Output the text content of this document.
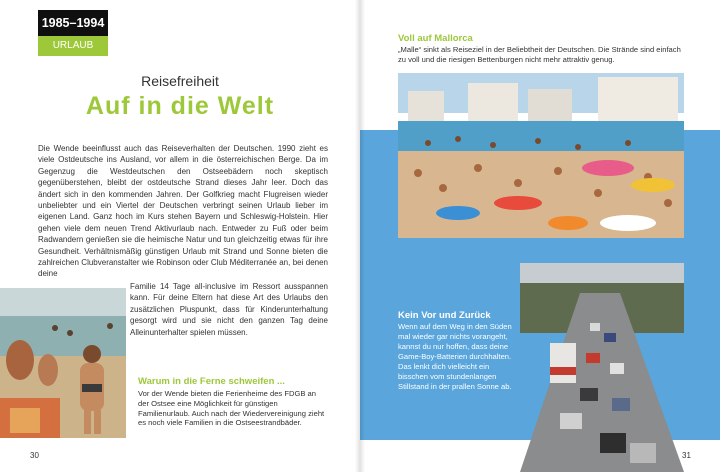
1985–1994
URLAUB
Reisefreiheit
Auf in die Welt

Die Wende beeinflusst auch das Reiseverhalten der Deutschen. 1990 zieht es viele Ostdeutsche ins Ausland, vor allem in die österreichischen Berge. Da im Gegenzug die Westdeutschen den Ostseebädern noch skeptisch gegenüberstehen, bleibt der ostdeutsche Strand dieses Jahr leer. Doch das ändert sich in den kommenden Jahren. Der Golfkrieg macht Flugreisen wieder unbeliebter und ein Viertel der Deutschen verbringt seinen Urlaub lieber im eigenen Land. Ganz hoch im Kurs stehen Bayern und Schleswig-Holstein. Hier gehen viele dem neuen Trend Aktivurlaub nach. Entweder zu Fuß oder beim Radwandern genießen sie die heimische Natur und tun gleichzeitig etwas für ihre Gesundheit. Verhältnismäßig günstigen Urlaub mit Strand und Sonne bieten die zahlreichen Clubveranstalter wie Robinson oder Club Méditerranée an, bei denen deine

Familie 14 Tage all-inclusive im Ressort ausspannen kann. Für deine Eltern hat diese Art des Urlaubs den zusätzlichen Pluspunkt, dass für Kinderunterhaltung gesorgt wird und sie nicht den ganzen Tag deine Alleinunterhalter spielen müssen.

Warum in die Ferne schweifen ...

Vor der Wende bieten die Ferienheime des FDGB an der Ostsee eine Möglichkeit für günstigen Familienurlaub. Auch nach der Wiedervereinigung zieht es noch viele Familien in die Ostseestrandbäder.

30
Voll auf Mallorca

„Malle“ sinkt als Reiseziel in der Beliebtheit der Deutschen. Die Strände sind einfach zu voll und die riesigen Bettenburgen nicht mehr attraktiv genug.

Kein Vor und Zurück

Wenn auf dem Weg in den Süden mal wieder gar nichts vorangeht, kannst du nur hoffen, dass deine Game-Boy-Batterien durchhalten. Das lenkt dich vielleicht ein bisschen vom stundenlangen Stillstand in der prallen Sonne ab.

31
